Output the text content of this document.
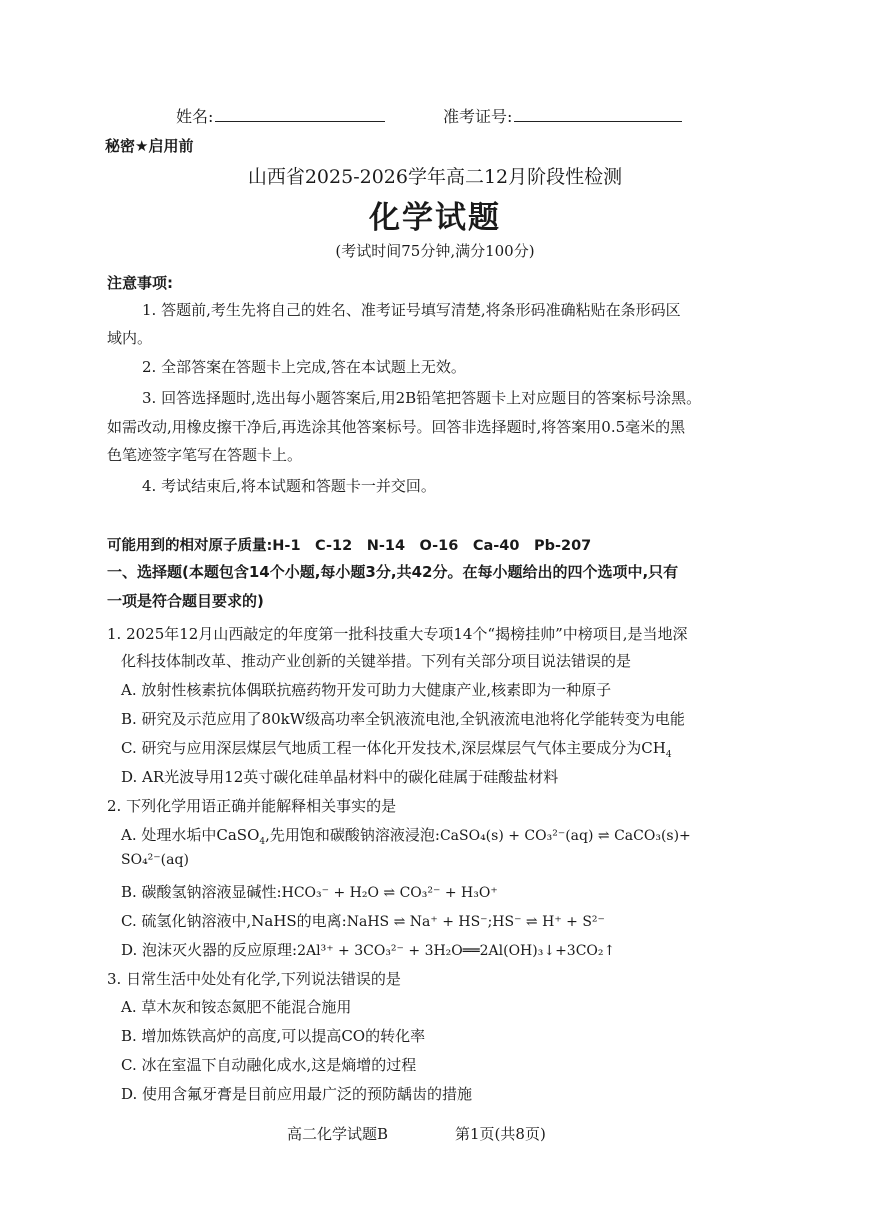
姓名:	准考证号:
秘密★启用前
山西省2025-2026学年高二12月阶段性检测
化学试题
(考试时间75分钟,满分100分)
注意事项:
1. 答题前,考生先将自己的姓名、准考证号填写清楚,将条形码准确粘贴在条形码区
域内。
2. 全部答案在答题卡上完成,答在本试题上无效。
3. 回答选择题时,选出每小题答案后,用2B铅笔把答题卡上对应题目的答案标号涂黑。
如需改动,用橡皮擦干净后,再选涂其他答案标号。回答非选择题时,将答案用0.5毫米的黑
色笔迹签字笔写在答题卡上。
4. 考试结束后,将本试题和答题卡一并交回。
可能用到的相对原子质量:H-1　C-12　N-14　O-16　Ca-40　Pb-207
一、选择题(本题包含14个小题,每小题3分,共42分。在每小题给出的四个选项中,只有
一项是符合题目要求的)
1. 2025年12月山西敲定的年度第一批科技重大专项14个“揭榜挂帅”中榜项目,是当地深
化科技体制改革、推动产业创新的关键举措。下列有关部分项目说法错误的是
A. 放射性核素抗体偶联抗癌药物开发可助力大健康产业,核素即为一种原子
B. 研究及示范应用了80kW级高功率全钒液流电池,全钒液流电池将化学能转变为电能
C. 研究与应用深层煤层气地质工程一体化开发技术,深层煤层气气体主要成分为$CH_4$
D. AR光波导用12英寸碳化硅单晶材料中的碳化硅属于硅酸盐材料
2. 下列化学用语正确并能解释相关事实的是
A. 处理水垢中CaSO$_4$,先用饱和碳酸钠溶液浸泡:CaSO₄(s) + CO₃²⁻(aq) ⇌ CaCO₃(s)+
SO₄²⁻(aq)
B. 碳酸氢钠溶液显碱性:HCO₃⁻ + H₂O ⇌ CO₃²⁻ + H₃O⁺
C. 硫氢化钠溶液中,NaHS的电离:NaHS ⇌ Na⁺ + HS⁻;HS⁻ ⇌ H⁺ + S²⁻
D. 泡沫灭火器的反应原理:2Al³⁺ + 3CO₃²⁻ + 3H₂O══2Al(OH)₃↓+3CO₂↑
3. 日常生活中处处有化学,下列说法错误的是
A. 草木灰和铵态氮肥不能混合施用
B. 增加炼铁高炉的高度,可以提高CO的转化率
C. 冰在室温下自动融化成水,这是熵增的过程
D. 使用含氟牙膏是目前应用最广泛的预防龋齿的措施
高二化学试题B	第1页(共8页)
